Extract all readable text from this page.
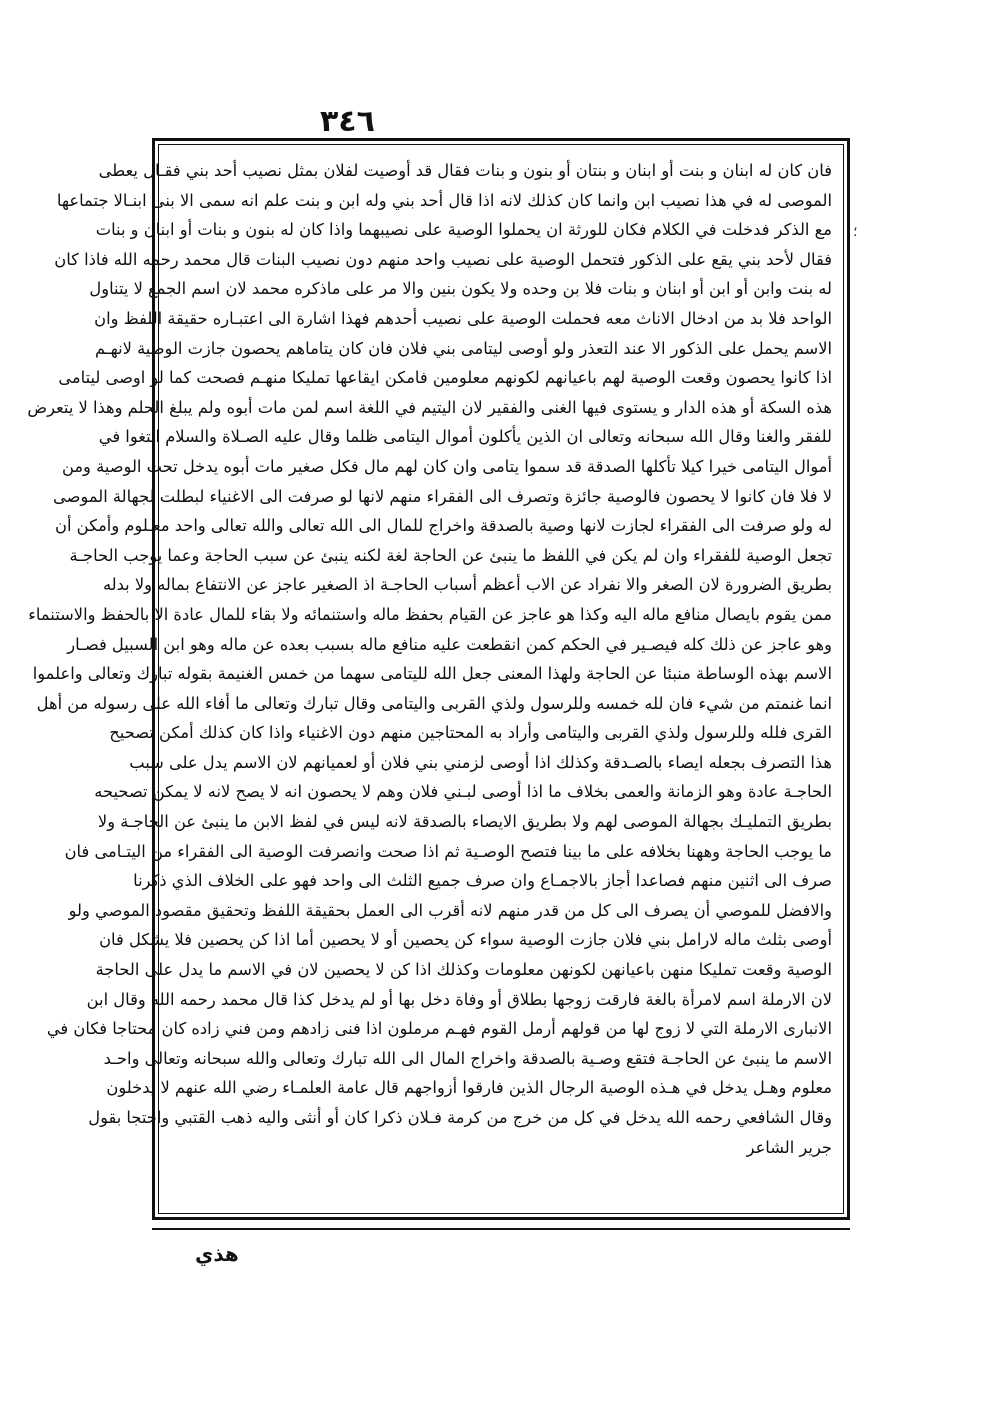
٣٤٦
؛
فان كان له ابنان و بنت أو ابنان و بنتان أو بنون و بنات فقال قد أوصيت لفلان بمثل نصيب أحد بني فقـال يعطى
الموصى له في هذا نصيب ابن وانما كان كذلك لانه اذا قال أحد بني وله ابن و بنت علم انه سمى الا بنى ابنـالا جتماعها
مع الذكر فدخلت في الكلام فكان للورثة ان يحملوا الوصية على نصيبهما واذا كان له بنون و بنات أو ابنان و بنات
فقال لأحد بني يقع على الذكور فتحمل الوصية على نصيب واحد منهم دون نصيب البنات قال محمد رحمه الله فاذا كان
له بنت وابن أو ابن أو ابنان و بنات فلا بن وحده ولا يكون بنين والا مر على ماذكره محمد لان اسم الجمع لا يتناول
الواحد فلا بد من ادخال الاناث معه فحملت الوصية على نصيب أحدهم فهذا اشارة الى اعتبـاره حقيقة اللفظ وان
الاسم يحمل على الذكور الا عند التعذر ولو أوصى ليتامى بني فلان فان كان يتاماهم يحصون جازت الوصية لانهـم
اذا كانوا يحصون وقعت الوصية لهم باعيانهم لكونهم معلومين فامكن ايقاعها تمليكا منهـم فصحت كما لو اوصى ليتامى
هذه السكة أو هذه الدار و يستوى فيها الغنى والفقير لان اليتيم في اللغة اسم لمن مات أبوه ولم يبلغ الحلم وهذا لا يتعرض
للفقر والغنا وقال الله سبحانه وتعالى ان الذين يأكلون أموال اليتامى ظلما وقال عليه الصـلاة والسلام ابتغوا في
أموال اليتامى خيرا كيلا تأكلها الصدقة قد سموا يتامى وان كان لهم مال فكل صغير مات أبوه يدخل تحت الوصية ومن
لا فلا فان كانوا لا يحصون فالوصية جائزة وتصرف الى الفقراء منهم لانها لو صرفت الى الاغنياء لبطلت لجهالة الموصى
له ولو صرفت الى الفقراء لجازت لانها وصية بالصدقة واخراج للمال الى الله تعالى والله تعالى واحد معـلوم وأمكن أن
تجعل الوصية للفقراء وان لم يكن في اللفظ ما ينبئ عن الحاجة لغة لكنه ينبئ عن سبب الحاجة وعما يوجب الحاجـة
بطريق الضرورة لان الصغر والا نفراد عن الاب أعظم أسباب الحاجـة اذ الصغير عاجز عن الانتفاع بماله ولا بدله
ممن يقوم بايصال منافع ماله اليه وكذا هو عاجز عن القيام بحفظ ماله واستنمائه ولا بقاء للمال عادة الا بالحفظ والاستنماء
وهو عاجز عن ذلك كله فيصـير في الحكم كمن انقطعت عليه منافع ماله بسبب بعده عن ماله وهو ابن السبيل فصـار
الاسم بهذه الوساطة منبئا عن الحاجة ولهذا المعنى جعل الله لليتامى سهما من خمس الغنيمة بقوله تبارك وتعالى واعلموا
انما غنمتم من شيء فان لله خمسه وللرسول ولذي القربى واليتامى وقال تبارك وتعالى ما أفاء الله على رسوله من أهل
القرى فلله وللرسول ولذي القربى واليتامى وأراد به المحتاجين منهم دون الاغنياء واذا كان كذلك أمكن تصحيح
هذا التصرف بجعله ايصاء بالصـدقة وكذلك اذا أوصى لزمني بني فلان أو لعميانهم لان الاسم يدل على سبب
الحاجـة عادة وهو الزمانة والعمى بخلاف ما اذا أوصى لبـني فلان وهم لا يحصون انه لا يصح لانه لا يمكن تصحيحه
بطريق التمليـك بجهالة الموصى لهم ولا بطريق الايصاء بالصدقة لانه ليس في لفظ الابن ما ينبئ عن الحاجـة ولا
ما يوجب الحاجة وههنا بخلافه على ما بينا فتصح الوصـية ثم اذا صحت وانصرفت الوصية الى الفقراء من اليتـامى فان
صرف الى اثنين منهم فصاعدا أجاز بالاجمـاع وان صرف جميع الثلث الى واحد فهو على الخلاف الذي ذكرنا
والافضل للموصي أن يصرف الى كل من قدر منهم لانه أقرب الى العمل بحقيقة اللفظ وتحقيق مقصود الموصي ولو
أوصى بثلث ماله لارامل بني فلان جازت الوصية سواء كن يحصين أو لا يحصين أما اذا كن يحصين فلا يشكل فان
الوصية وقعت تمليكا منهن باعيانهن لكونهن معلومات وكذلك اذا كن لا يحصين لان في الاسم ما يدل على الحاجة
لان الارملة اسم لامرأة بالغة فارقت زوجها بطلاق أو وفاة دخل بها أو لم يدخل كذا قال محمد رحمه الله وقال ابن
الانبارى الارملة التي لا زوج لها من قولهم أرمل القوم فهـم مرملون اذا فنى زادهم ومن فني زاده كان محتاجا فكان في
الاسم ما ينبئ عن الحاجـة فتقع وصـية بالصدقة واخراج المال الى الله تبارك وتعالى والله سبحانه وتعالى واحـد
معلوم وهـل يدخل في هـذه الوصية الرجال الذين فارقوا أزواجهم قال عامة العلمـاء رضي الله عنهم لا يدخلون
وقال الشافعي رحمه الله يدخل في كل من خرج من كرمة فـلان ذكرا كان أو أنثى واليه ذهب القتبي واحتجا بقول
جرير الشاعر
هذي
